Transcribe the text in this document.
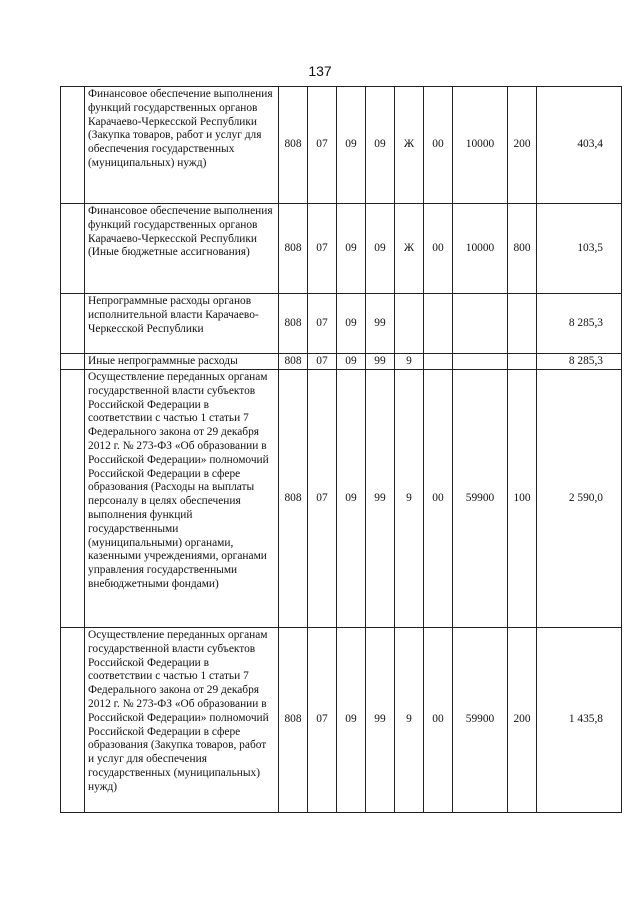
137
	Финансовое обеспечение выполнения функций государственных органов Карачаево-Черкесской Республики (Закупка товаров, работ и услуг для обеспечения государственных (муниципальных) нужд)	808	07	09	09	Ж	00	10000	200	403,4
	Финансовое обеспечение выполнения функций государственных органов Карачаево-Черкесской Республики (Иные бюджетные ассигнования)	808	07	09	09	Ж	00	10000	800	103,5
	Непрограммные расходы органов исполнительной власти Карачаево-Черкесской Республики	808	07	09	99					8 285,3
	Иные непрограммные расходы	808	07	09	99	9				8 285,3
	Осуществление переданных органам государственной власти субъектов Российской Федерации в соответствии с частью 1 статьи 7 Федерального закона от 29 декабря 2012 г. № 273-ФЗ «Об образовании в Российской Федерации» полномочий Российской Федерации в сфере образования (Расходы на выплаты персоналу в целях обеспечения выполнения функций государственными (муниципальными) органами, казенными учреждениями, органами управления государственными внебюджетными фондами)	808	07	09	99	9	00	59900	100	2 590,0
	Осуществление переданных органам государственной власти субъектов Российской Федерации в соответствии с частью 1 статьи 7 Федерального закона от 29 декабря 2012 г. № 273-ФЗ «Об образовании в Российской Федерации» полномочий Российской Федерации в сфере образования (Закупка товаров, работ и услуг для обеспечения государственных (муниципальных) нужд)	808	07	09	99	9	00	59900	200	1 435,8
